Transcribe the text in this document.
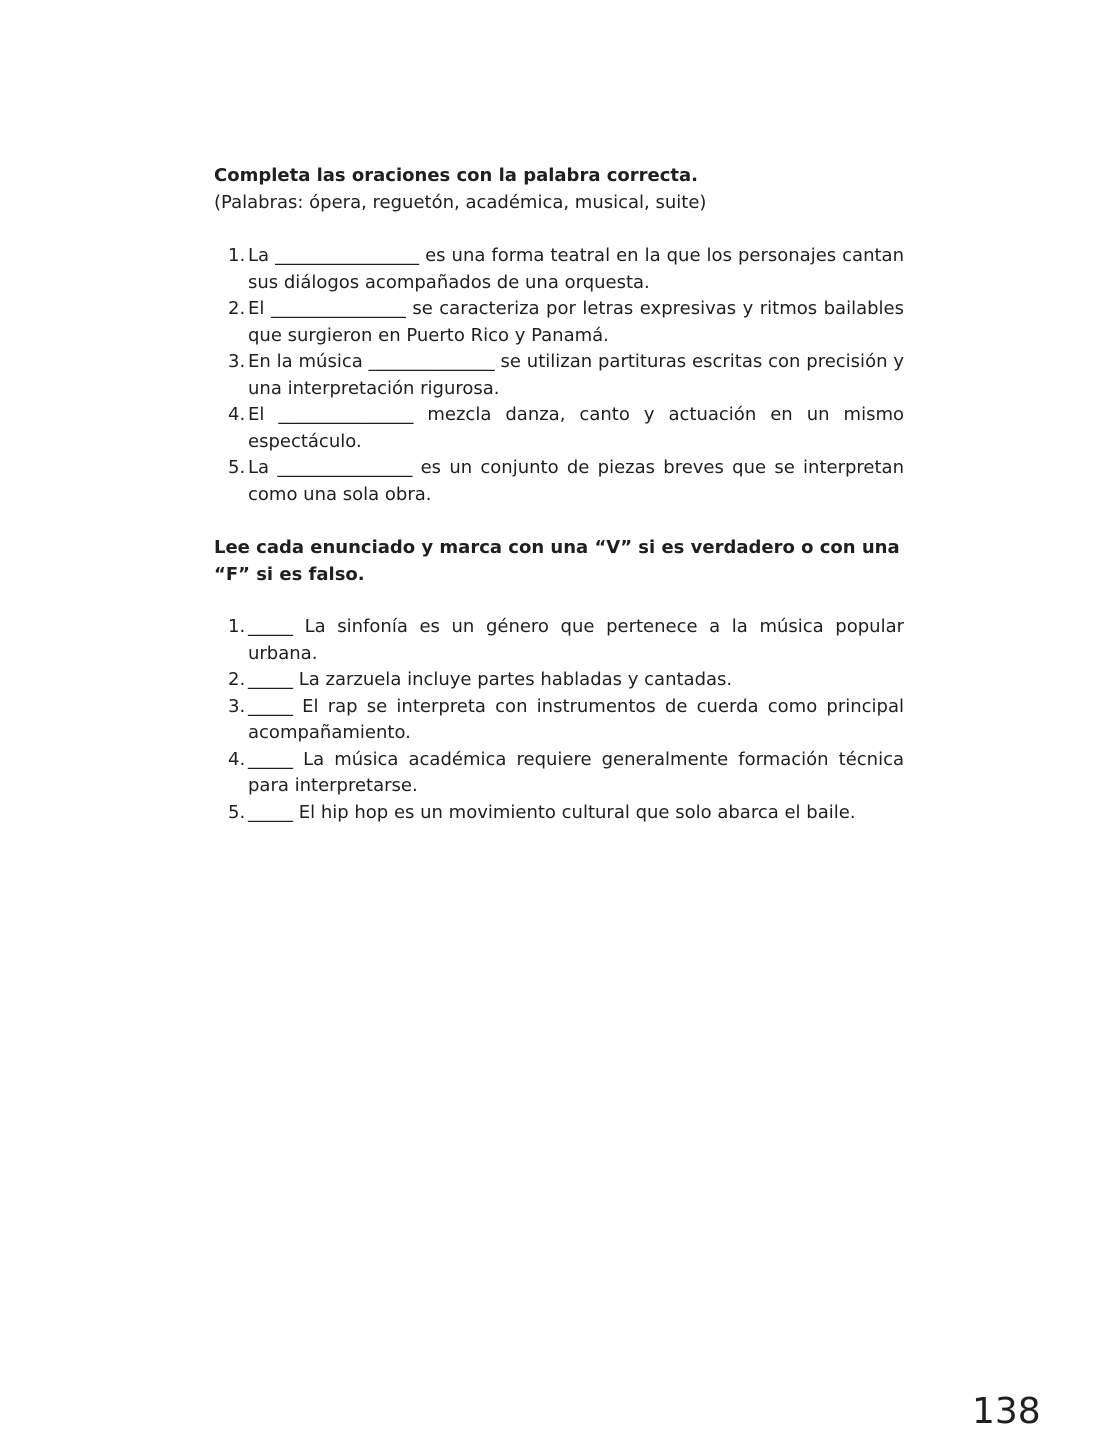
Completa las oraciones con la palabra correcta.

(Palabras: ópera, reguetón, académica, musical, suite)

1. La ________________ es una forma teatral en la que los personajes cantan sus diálogos acompañados de una orquesta.
2. El _______________ se caracteriza por letras expresivas y ritmos bailables que surgieron en Puerto Rico y Panamá.
3. En la música ______________ se utilizan partituras escritas con precisión y una interpretación rigurosa.
4. El _______________ mezcla danza, canto y actuación en un mismo espectáculo.
5. La _______________ es un conjunto de piezas breves que se interpretan como una sola obra.

Lee cada enunciado y marca con una “V” si es verdadero o con una “F” si es falso.

1. _____ La sinfonía es un género que pertenece a la música popular urbana.
2. _____ La zarzuela incluye partes habladas y cantadas.
3. _____ El rap se interpreta con instrumentos de cuerda como principal acompañamiento.
4. _____ La música académica requiere generalmente formación técnica para interpretarse.
5. _____ El hip hop es un movimiento cultural que solo abarca el baile.
138
